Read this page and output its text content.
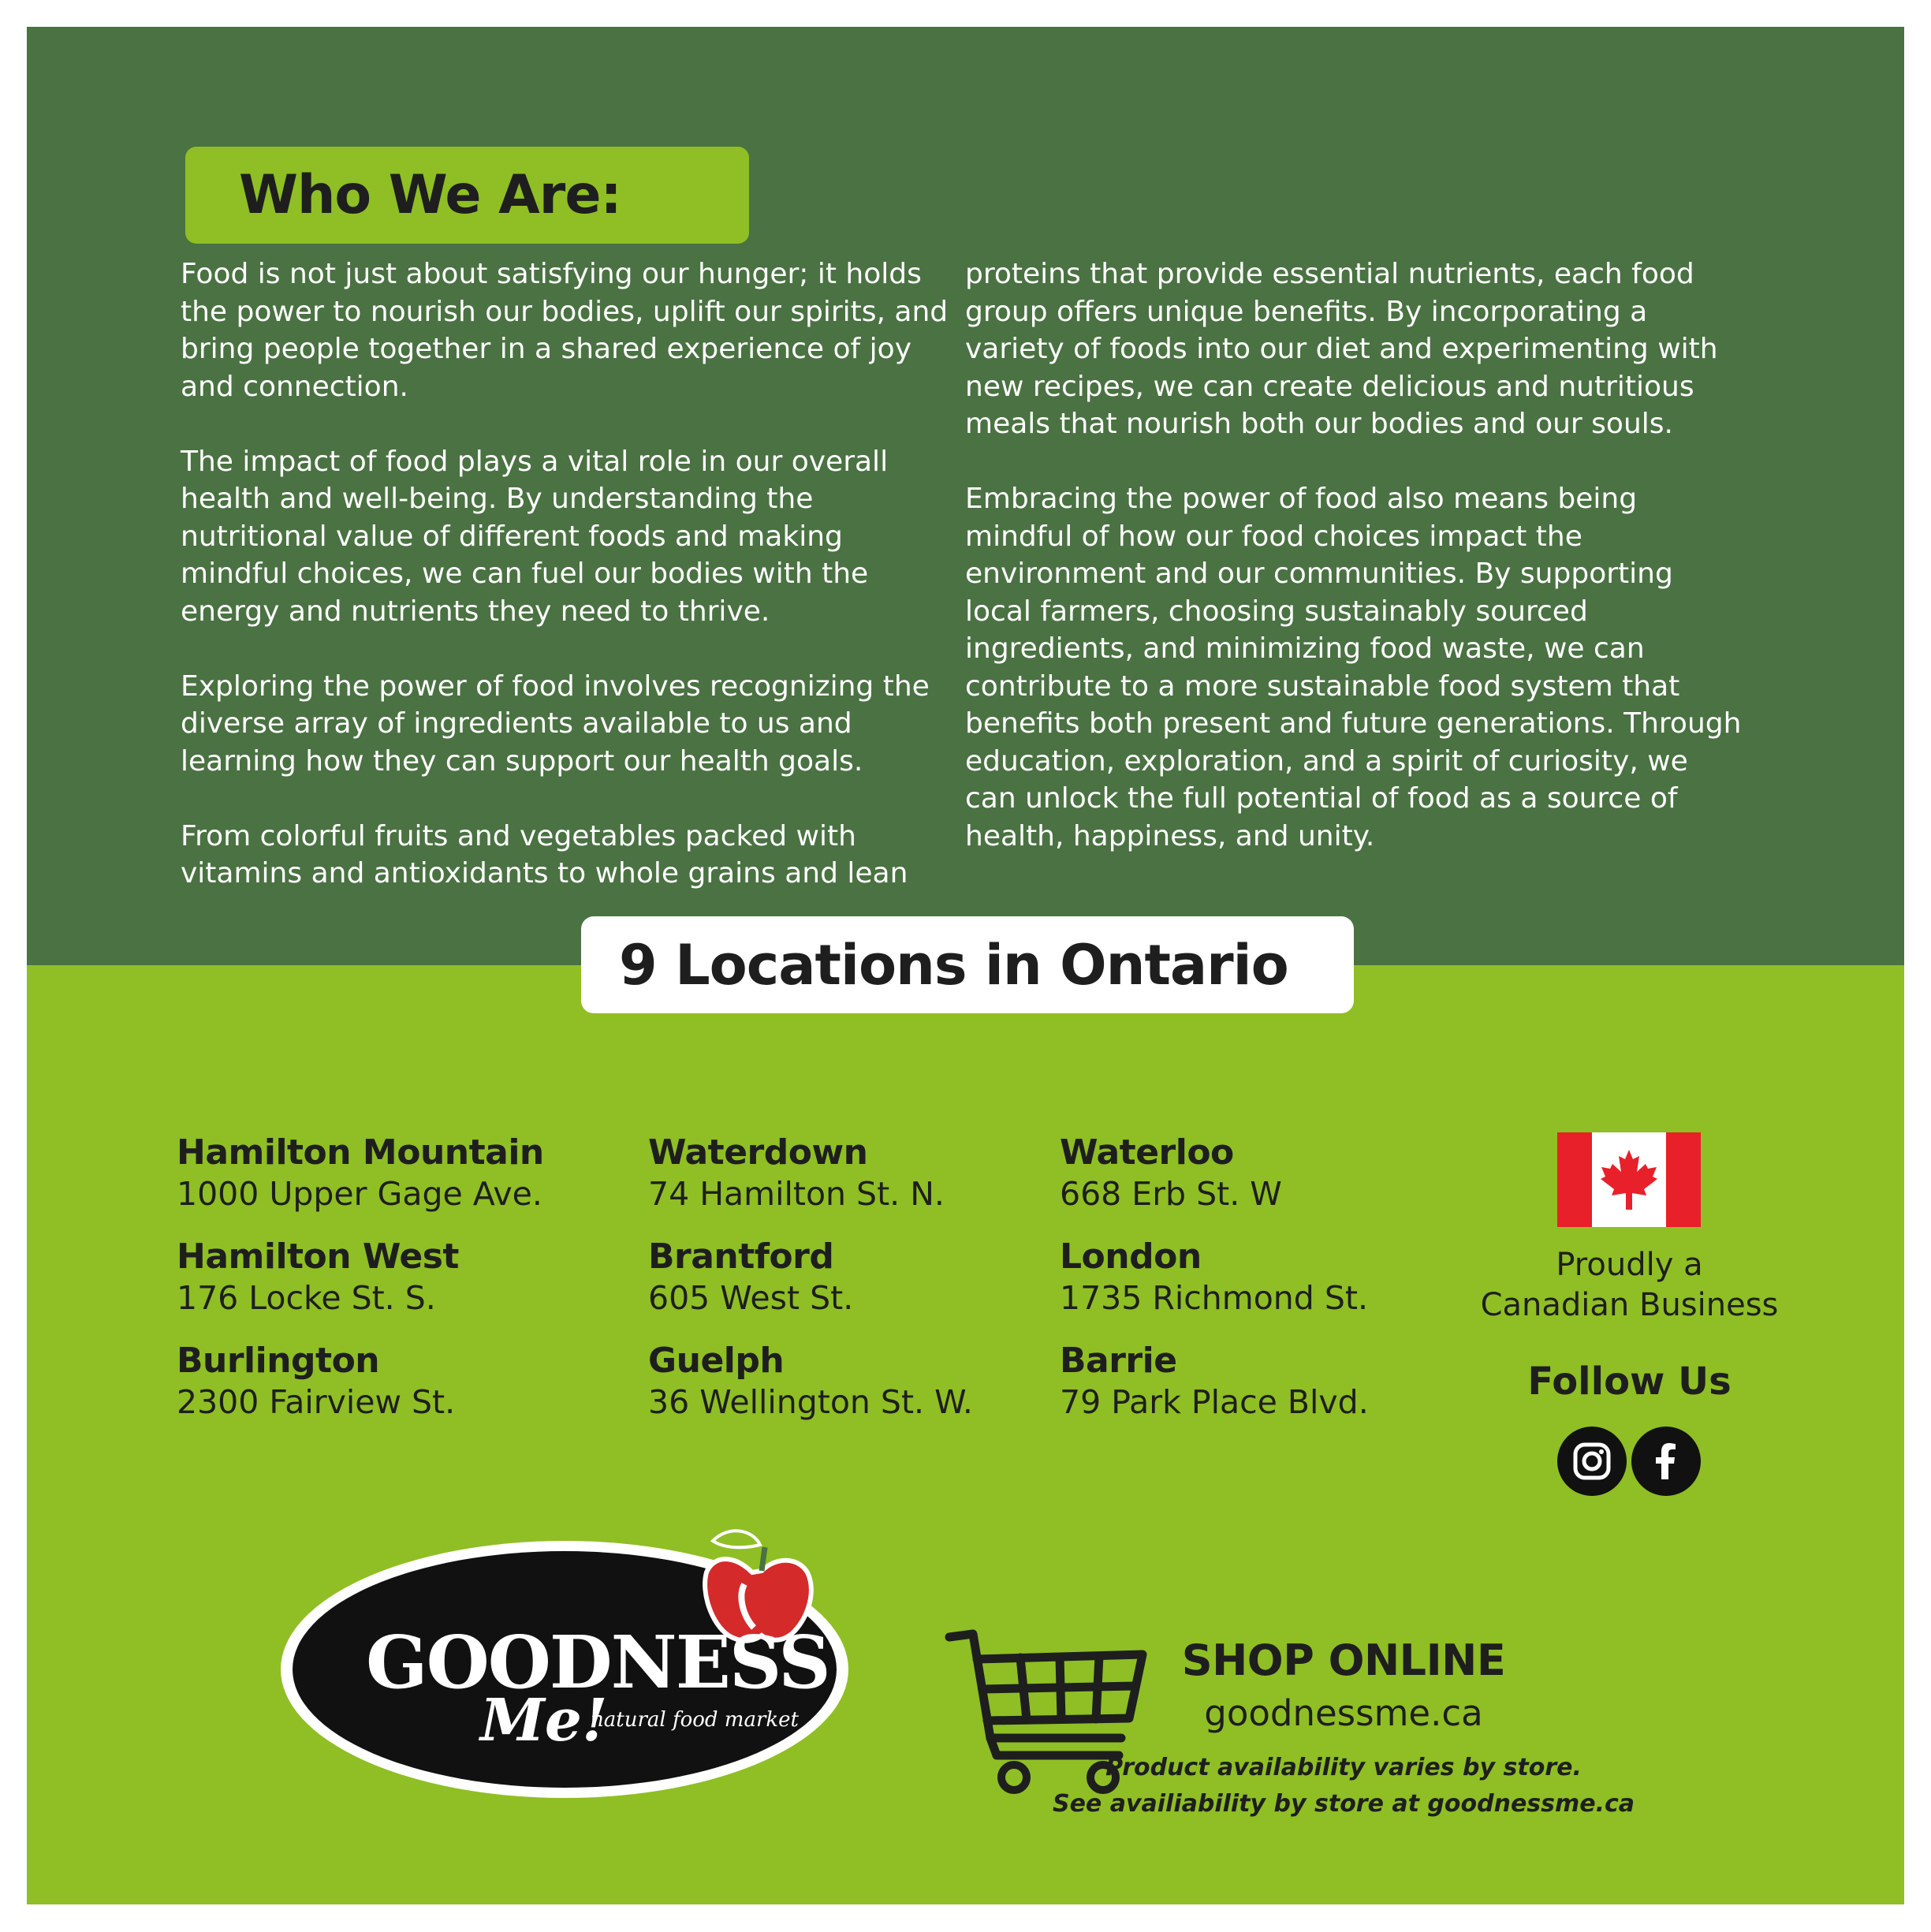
Who We Are:

Food is not just about satisfying our hunger; it holds the power to nourish our bodies, uplift our spirits, and bring people together in a shared experience of joy and connection.

The impact of food plays a vital role in our overall health and well-being. By understanding the nutritional value of different foods and making mindful choices, we can fuel our bodies with the energy and nutrients they need to thrive.

Exploring the power of food involves recognizing the diverse array of ingredients available to us and learning how they can support our health goals.

From colorful fruits and vegetables packed with vitamins and antioxidants to whole grains and lean

proteins that provide essential nutrients, each food group offers unique benefits. By incorporating a variety of foods into our diet and experimenting with new recipes, we can create delicious and nutritious meals that nourish both our bodies and our souls.

Embracing the power of food also means being mindful of how our food choices impact the environment and our communities. By supporting local farmers, choosing sustainably sourced ingredients, and minimizing food waste, we can contribute to a more sustainable food system that benefits both present and future generations. Through education, exploration, and a spirit of curiosity, we can unlock the full potential of food as a source of health, happiness, and unity.

9 Locations in Ontario
Hamilton Mountain
1000 Upper Gage Ave.
Hamilton West
176 Locke St. S.
Burlington
2300 Fairview St.
Waterdown
74 Hamilton St. N.
Brantford
605 West St.
Guelph
36 Wellington St. W.
Waterloo
668 Erb St. W
London
1735 Richmond St.
Barrie
79 Park Place Blvd.
Proudly a
Canadian Business
Follow Us
GOODNESS
Me!
natural food market
SHOP ONLINE
goodnessme.ca
Product availability varies by store.
See availiability by store at goodnessme.ca
